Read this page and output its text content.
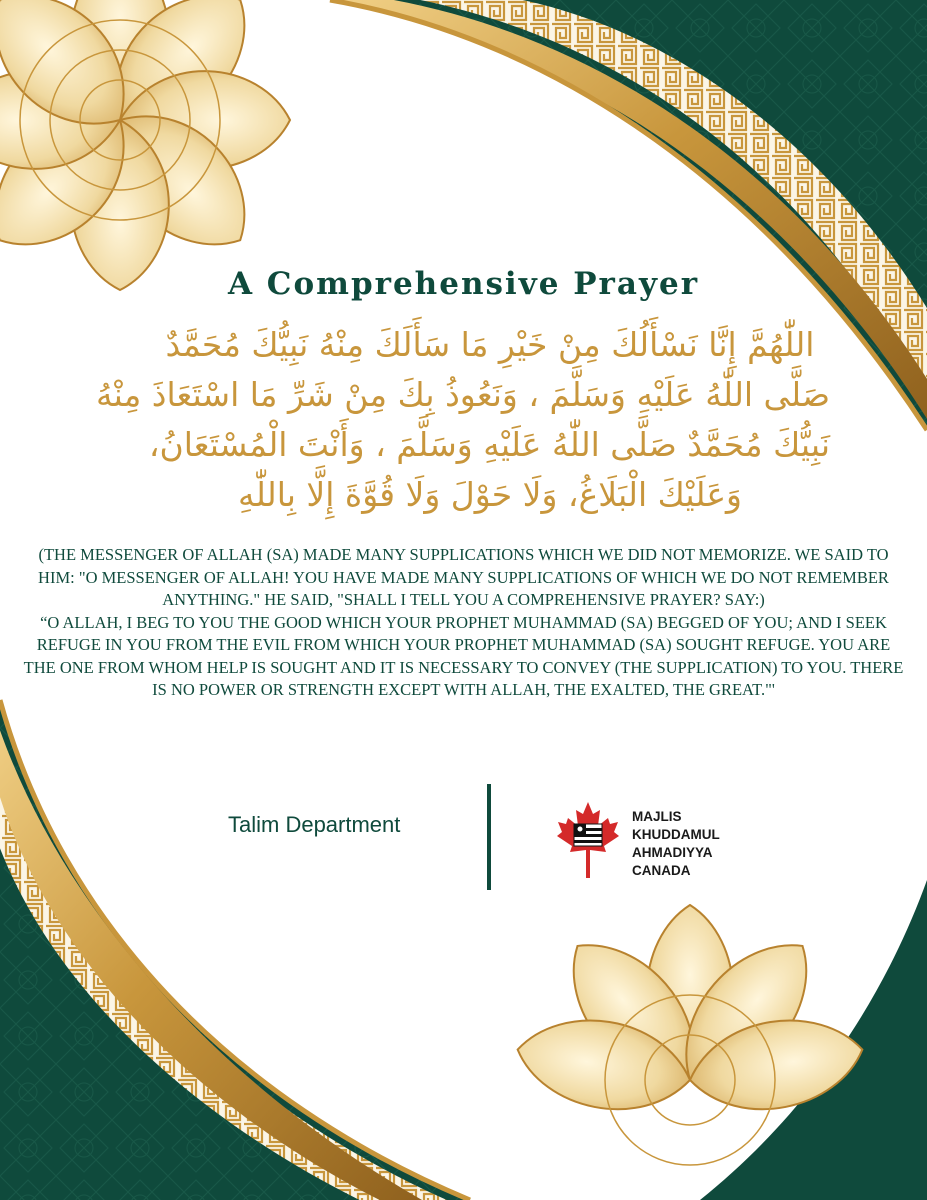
A Comprehensive Prayer
اللّٰهُمَّ إِنَّا نَسْأَلُكَ مِنْ خَيْرِ مَا سَأَلَكَ مِنْهُ نَبِيُّكَ مُحَمَّدٌ
صَلَّى اللّٰهُ عَلَيْهِ وَسَلَّمَ ، وَنَعُوذُ بِكَ مِنْ شَرِّ مَا اسْتَعَاذَ مِنْهُ
نَبِيُّكَ مُحَمَّدٌ صَلَّى اللّٰهُ عَلَيْهِ وَسَلَّمَ ، وَأَنْتَ الْمُسْتَعَانُ،
وَعَلَيْكَ الْبَلَاغُ، وَلَا حَوْلَ وَلَا قُوَّةَ إِلَّا بِاللّٰهِ

(THE MESSENGER OF ALLAH (SA) MADE MANY SUPPLICATIONS WHICH WE DID NOT MEMORIZE. WE SAID TO HIM: "O MESSENGER OF ALLAH! YOU HAVE MADE MANY SUPPLICATIONS OF WHICH WE DO NOT REMEMBER ANYTHING." HE SAID, "SHALL I TELL YOU A COMPREHENSIVE PRAYER? SAY:)

“O ALLAH, I BEG TO YOU THE GOOD WHICH YOUR PROPHET MUHAMMAD (SA) BEGGED OF YOU; AND I SEEK REFUGE IN YOU FROM THE EVIL FROM WHICH YOUR PROPHET MUHAMMAD (SA) SOUGHT REFUGE. YOU ARE THE ONE FROM WHOM HELP IS SOUGHT AND IT IS NECESSARY TO CONVEY (THE SUPPLICATION) TO YOU. THERE IS NO POWER OR STRENGTH EXCEPT WITH ALLAH, THE EXALTED, THE GREAT."'

Talim Department	MAJLIS
KHUDDAMUL
AHMADIYYA
CANADA
